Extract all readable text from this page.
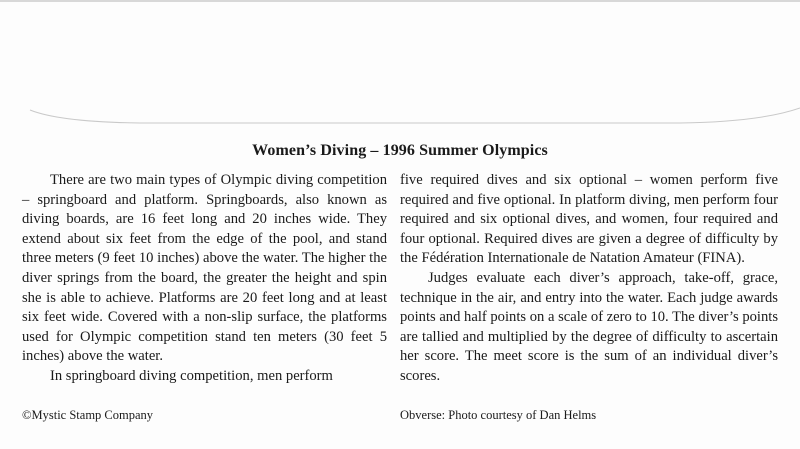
Women’s Diving – 1996 Summer Olympics

There are two main types of Olympic diving competition – springboard and platform. Springboards, also known as diving boards, are 16 feet long and 20 inches wide. They extend about six feet from the edge of the pool, and stand three meters (9 feet 10 inches) above the water. The higher the diver springs from the board, the greater the height and spin she is able to achieve. Platforms are 20 feet long and at least six feet wide. Covered with a non-slip surface, the platforms used for Olympic competition stand ten meters (30 feet 5 inches) above the water.

In springboard diving competition, men perform

five required dives and six optional – women perform five required and five optional. In platform diving, men perform four required and six optional dives, and women, four required and four optional. Required dives are given a degree of difficulty by the Fédération Internationale de Natation Amateur (FINA).

Judges evaluate each diver’s approach, take-off, grace, technique in the air, and entry into the water. Each judge awards points and half points on a scale of zero to 10. The diver’s points are tallied and multiplied by the degree of difficulty to ascertain her score. The meet score is the sum of an individual diver’s scores.

©Mystic Stamp Company	Obverse: Photo courtesy of Dan Helms
